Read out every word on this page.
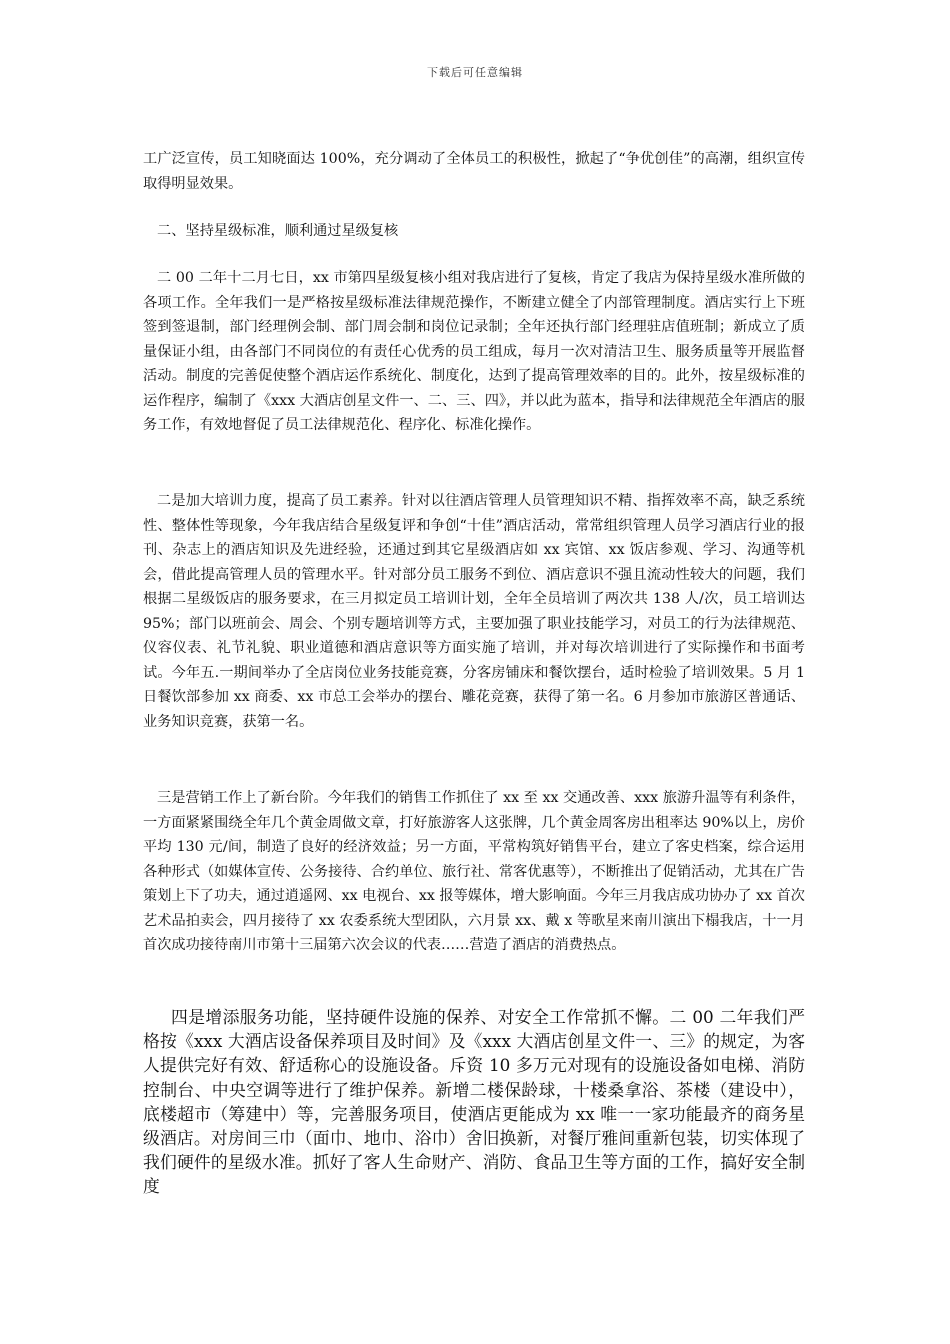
下载后可任意编辑

工广泛宣传，员工知晓面达 100%，充分调动了全体员工的积极性，掀起了“争优创佳”的高潮，组织宣传取得明显效果。

二、坚持星级标准，顺利通过星级复核

二 00 二年十二月七日，xx 市第四星级复核小组对我店进行了复核，肯定了我店为保持星级水准所做的各项工作。全年我们一是严格按星级标准法律规范操作，不断建立健全了内部管理制度。酒店实行上下班签到签退制，部门经理例会制、部门周会制和岗位记录制；全年还执行部门经理驻店值班制；新成立了质量保证小组，由各部门不同岗位的有责任心优秀的员工组成，每月一次对清洁卫生、服务质量等开展监督活动。制度的完善促使整个酒店运作系统化、制度化，达到了提高管理效率的目的。此外，按星级标准的运作程序，编制了《xxx 大酒店创星文件一、二、三、四》，并以此为蓝本，指导和法律规范全年酒店的服务工作，有效地督促了员工法律规范化、程序化、标准化操作。

二是加大培训力度，提高了员工素养。针对以往酒店管理人员管理知识不精、指挥效率不高，缺乏系统性、整体性等现象，今年我店结合星级复评和争创“十佳”酒店活动，常常组织管理人员学习酒店行业的报刊、杂志上的酒店知识及先进经验，还通过到其它星级酒店如 xx 宾馆、xx 饭店参观、学习、沟通等机会，借此提高管理人员的管理水平。针对部分员工服务不到位、酒店意识不强且流动性较大的问题，我们根据二星级饭店的服务要求，在三月拟定员工培训计划，全年全员培训了两次共 138 人/次，员工培训达 95%；部门以班前会、周会、个别专题培训等方式，主要加强了职业技能学习，对员工的行为法律规范、仪容仪表、礼节礼貌、职业道德和酒店意识等方面实施了培训，并对每次培训进行了实际操作和书面考试。今年五.一期间举办了全店岗位业务技能竞赛，分客房铺床和餐饮摆台，适时检验了培训效果。5 月 1 日餐饮部参加 xx 商委、xx 市总工会举办的摆台、雕花竞赛，获得了第一名。6 月参加市旅游区普通话、业务知识竞赛，获第一名。

三是营销工作上了新台阶。今年我们的销售工作抓住了 xx 至 xx 交通改善、xxx 旅游升温等有利条件，一方面紧紧围绕全年几个黄金周做文章，打好旅游客人这张牌，几个黄金周客房出租率达 90%以上，房价平均 130 元/间，制造了良好的经济效益；另一方面，平常构筑好销售平台，建立了客史档案，综合运用各种形式（如媒体宣传、公务接待、合约单位、旅行社、常客优惠等），不断推出了促销活动，尤其在广告策划上下了功夫，通过逍遥网、xx 电视台、xx 报等媒体，增大影响面。今年三月我店成功协办了 xx 首次艺术品拍卖会，四月接待了 xx 农委系统大型团队，六月景 xx、戴 x 等歌星来南川演出下榻我店，十一月首次成功接待南川市第十三届第六次会议的代表……营造了酒店的消费热点。

四是增添服务功能，坚持硬件设施的保养、对安全工作常抓不懈。二 00 二年我们严格按《xxx 大酒店设备保养项目及时间》及《xxx 大酒店创星文件一、三》的规定，为客人提供完好有效、舒适称心的设施设备。斥资 10 多万元对现有的设施设备如电梯、消防控制台、中央空调等进行了维护保养。新增二楼保龄球，十楼桑拿浴、茶楼（建设中），底楼超市（筹建中）等，完善服务项目，使酒店更能成为 xx 唯一一家功能最齐的商务星级酒店。对房间三巾（面巾、地巾、浴巾）舍旧换新，对餐厅雅间重新包装，切实体现了我们硬件的星级水准。抓好了客人生命财产、消防、食品卫生等方面的工作，搞好安全制度
